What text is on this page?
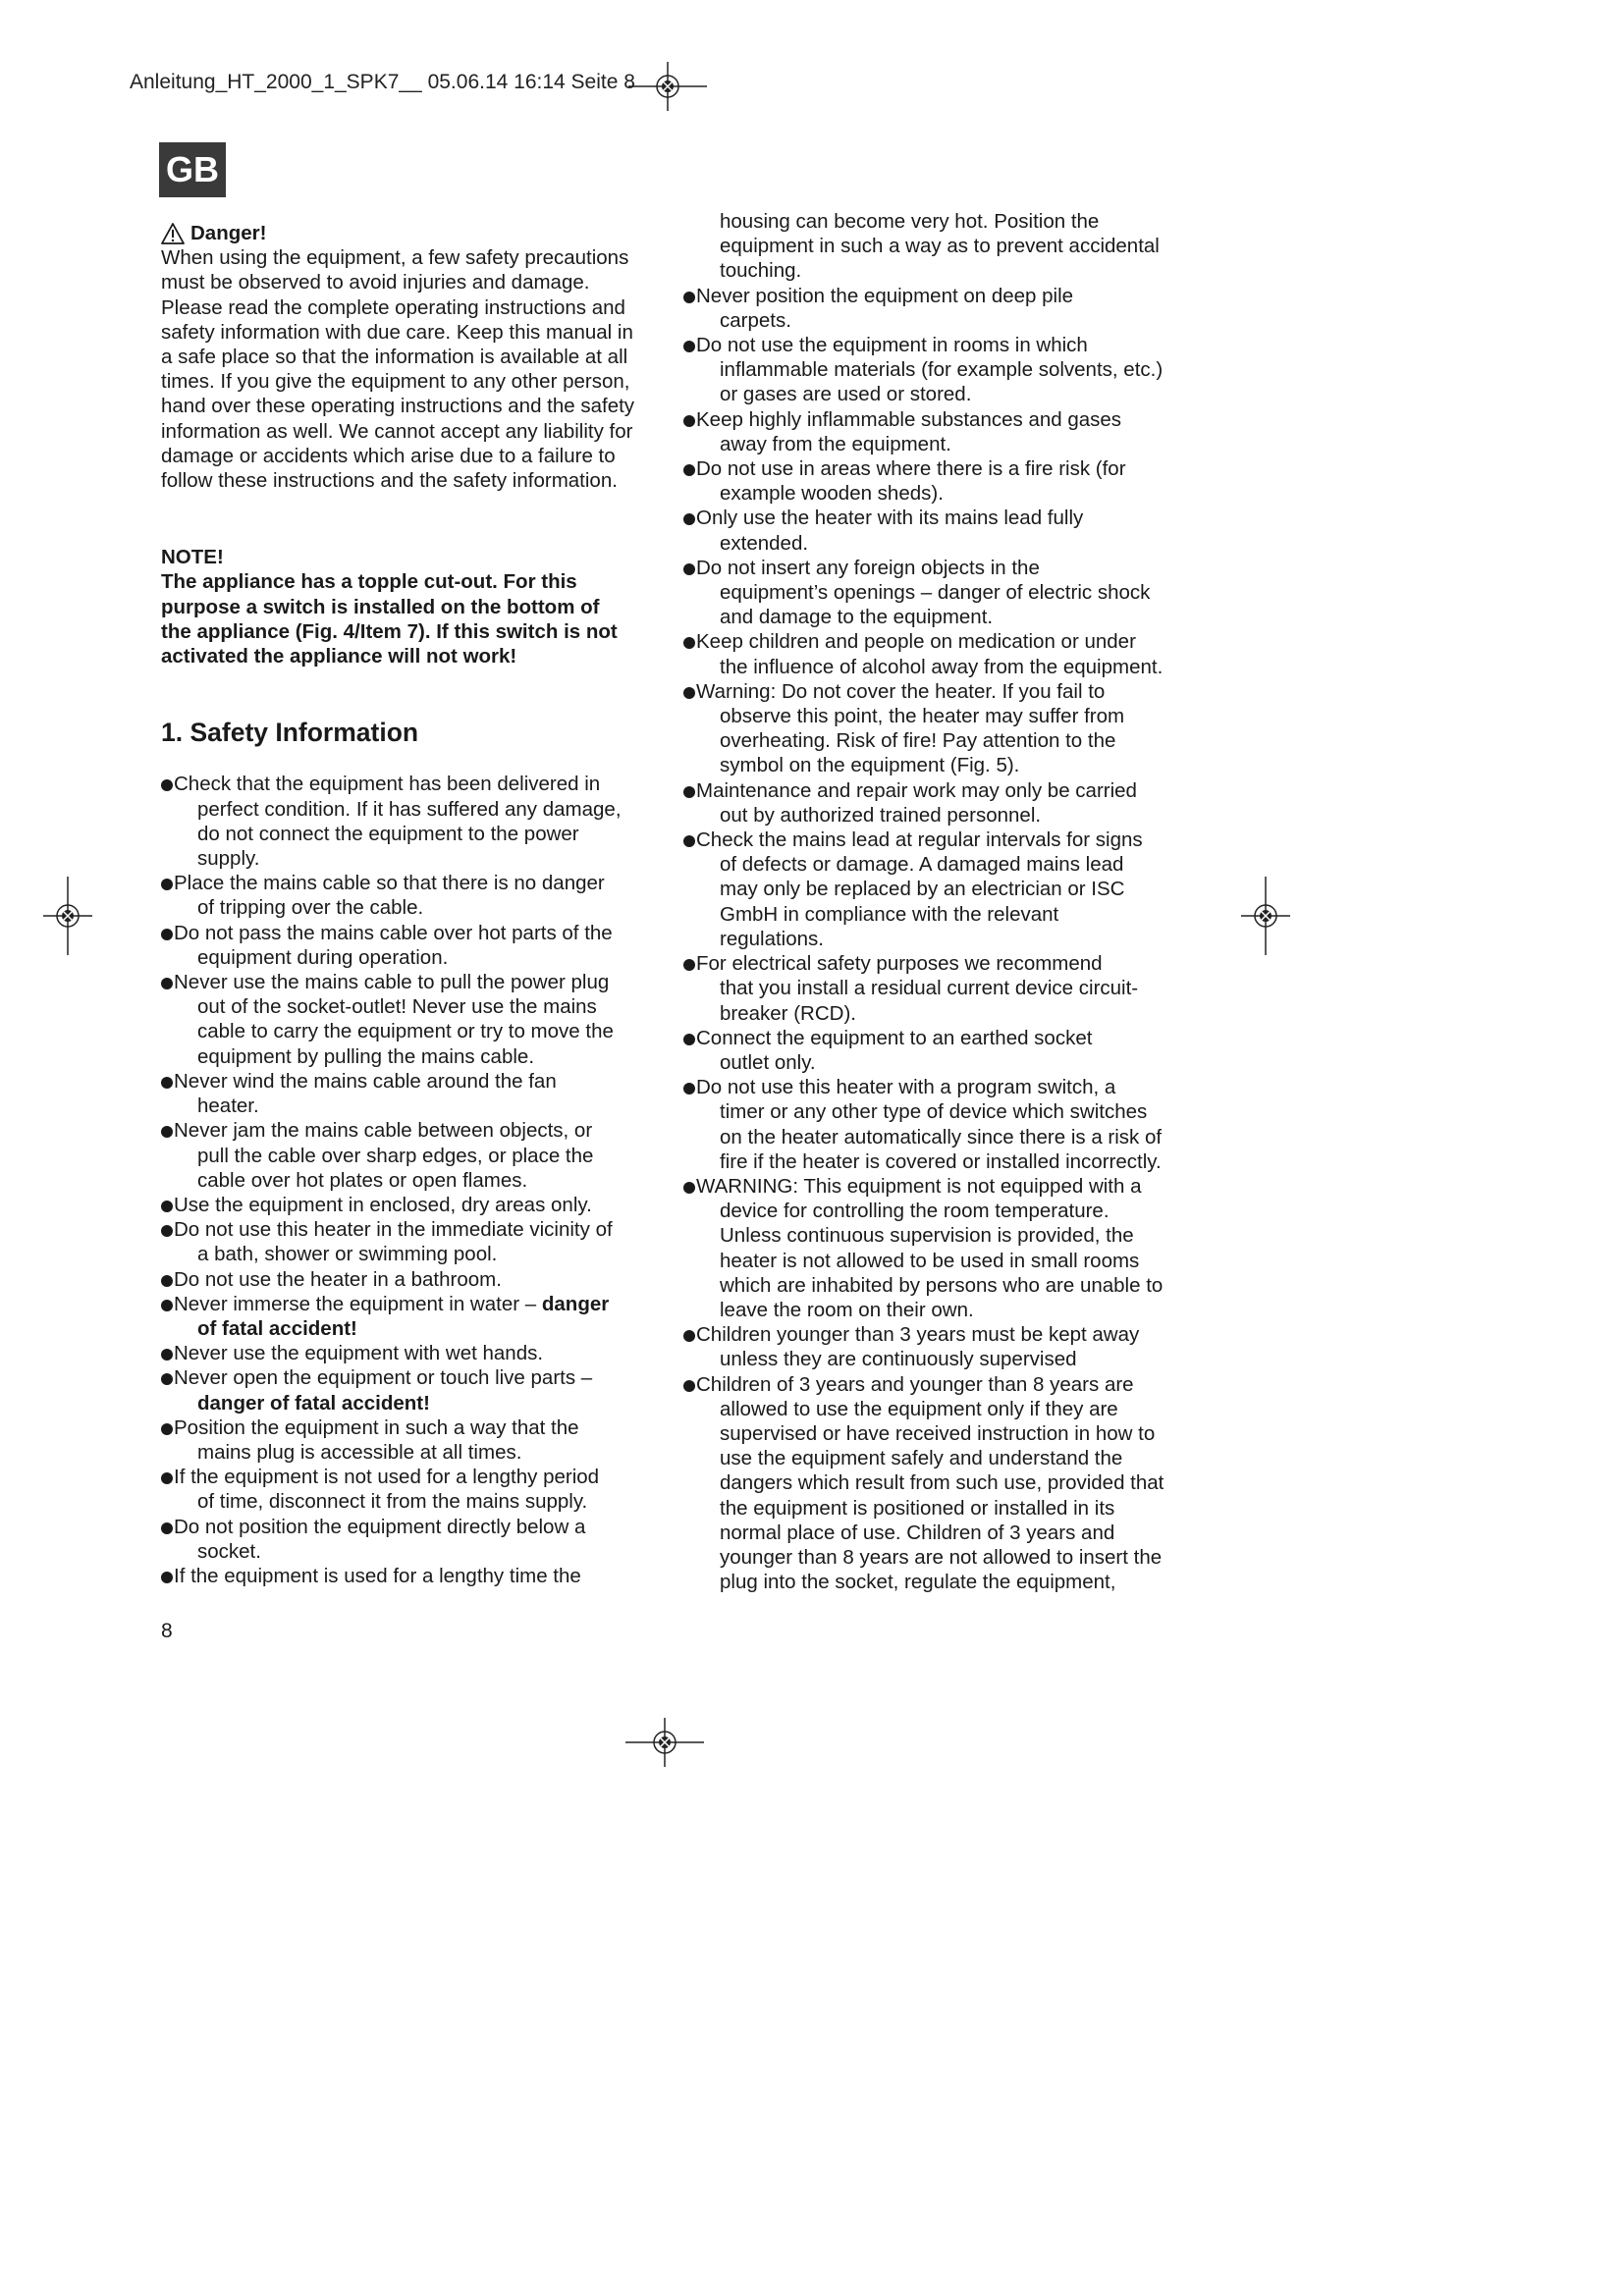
Anleitung_HT_2000_1_SPK7__ 05.06.14 16:14 Seite 8
GB
Danger!
When using the equipment, a few safety precautions
must be observed to avoid injuries and damage.
Please read the complete operating instructions and
safety information with due care. Keep this manual in
a safe place so that the information is available at all
times. If you give the equipment to any other person,
hand over these operating instructions and the safety
information as well. We cannot accept any liability for
damage or accidents which arise due to a failure to
follow these instructions and the safety information.
NOTE!
The appliance has a topple cut-out. For this
purpose a switch is installed on the bottom of
the appliance (Fig. 4/Item 7). If this switch is not
activated the appliance will not work!
1. Safety Information
Check that the equipment has been delivered in
perfect condition. If it has suffered any damage,
do not connect the equipment to the power
supply.
Place the mains cable so that there is no danger
of tripping over the cable.
Do not pass the mains cable over hot parts of the
equipment during operation.
Never use the mains cable to pull the power plug
out of the socket-outlet! Never use the mains
cable to carry the equipment or try to move the
equipment by pulling the mains cable.
Never wind the mains cable around the fan
heater.
Never jam the mains cable between objects, or
pull the cable over sharp edges, or place the
cable over hot plates or open flames.
Use the equipment in enclosed, dry areas only.
Do not use this heater in the immediate vicinity of
a bath, shower or swimming pool.
Do not use the heater in a bathroom.
Never immerse the equipment in water – danger
of fatal accident!
Never use the equipment with wet hands.
Never open the equipment or touch live parts –
danger of fatal accident!
Position the equipment in such a way that the
mains plug is accessible at all times.
If the equipment is not used for a lengthy period
of time, disconnect it from the mains supply.
Do not position the equipment directly below a
socket.
If the equipment is used for a lengthy time the
housing can become very hot. Position the
equipment in such a way as to prevent accidental
touching.
Never position the equipment on deep pile
carpets.
Do not use the equipment in rooms in which
inflammable materials (for example solvents, etc.)
or gases are used or stored.
Keep highly inflammable substances and gases
away from the equipment.
Do not use in areas where there is a fire risk (for
example wooden sheds).
Only use the heater with its mains lead fully
extended.
Do not insert any foreign objects in the
equipment’s openings – danger of electric shock
and damage to the equipment.
Keep children and people on medication or under
the influence of alcohol away from the equipment.
Warning: Do not cover the heater. If you fail to
observe this point, the heater may suffer from
overheating. Risk of fire! Pay attention to the
symbol on the equipment (Fig. 5).
Maintenance and repair work may only be carried
out by authorized trained personnel.
Check the mains lead at regular intervals for signs
of defects or damage. A damaged mains lead
may only be replaced by an electrician or ISC
GmbH in compliance with the relevant
regulations.
For electrical safety purposes we recommend
that you install a residual current device circuit-
breaker (RCD).
Connect the equipment to an earthed socket
outlet only.
Do not use this heater with a program switch, a
timer or any other type of device which switches
on the heater automatically since there is a risk of
fire if the heater is covered or installed incorrectly.
WARNING: This equipment is not equipped with a
device for controlling the room temperature.
Unless continuous supervision is provided, the
heater is not allowed to be used in small rooms
which are inhabited by persons who are unable to
leave the room on their own.
Children younger than 3 years must be kept away
unless they are continuously supervised
Children of 3 years and younger than 8 years are
allowed to use the equipment only if they are
supervised or have received instruction in how to
use the equipment safely and understand the
dangers which result from such use, provided that
the equipment is positioned or installed in its
normal place of use. Children of 3 years and
younger than 8 years are not allowed to insert the
plug into the socket, regulate the equipment,
8
